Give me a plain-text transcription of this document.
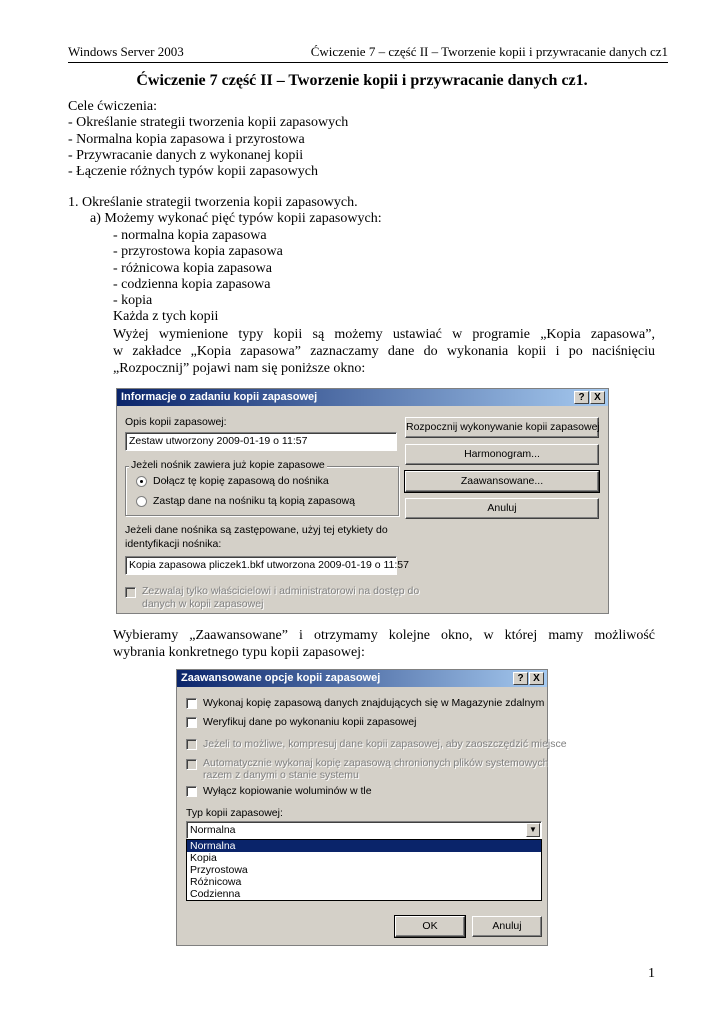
Windows Server 2003	Ćwiczenie 7 – część II – Tworzenie kopii i przywracanie danych cz1
Ćwiczenie 7 część II – Tworzenie kopii i przywracanie danych cz1.
Cele ćwiczenia:
- Określanie strategii tworzenia kopii zapasowych
- Normalna kopia zapasowa i przyrostowa
- Przywracanie danych z wykonanej kopii
- Łączenie różnych typów kopii zapasowych
1. Określanie strategii tworzenia kopii zapasowych.
a) Możemy wykonać pięć typów kopii zapasowych:
- normalna kopia zapasowa
- przyrostowa kopia zapasowa
- różnicowa kopia zapasowa
- codzienna kopia zapasowa
- kopia
Każda z tych kopii
Wyżej wymienione typy kopii są możemy ustawiać w programie „Kopia zapasowa”,
w zakładce „Kopia zapasowa” zaznaczamy dane do wykonania kopii i po naciśnięciu
„Rozpocznij” pojawi nam się poniższe okno:
Informacje o zadaniu kopii zapasowej	? X
Opis kopii zapasowej:
Zestaw utworzony 2009-01-19 o 11:57
Jeżeli nośnik zawiera już kopie zapasowe
Dołącz tę kopię zapasową do nośnika
Zastąp dane na nośniku tą kopią zapasową
Jeżeli dane nośnika są zastępowane, użyj tej etykiety do
identyfikacji nośnika:
Kopia zapasowa pliczek1.bkf utworzona 2009-01-19 o 11:57
Zezwalaj tylko właścicielowi i administratorowi na dostęp do
danych w kopii zapasowej
Rozpocznij wykonywanie kopii zapasowej
Harmonogram...
Zaawansowane...
Anuluj
Wybieramy „Zaawansowane” i otrzymamy kolejne okno, w której mamy możliwość
wybrania konkretnego typu kopii zapasowej:
Zaawansowane opcje kopii zapasowej	? X
Wykonaj kopię zapasową danych znajdujących się w Magazynie zdalnym
Weryfikuj dane po wykonaniu kopii zapasowej
Jeżeli to możliwe, kompresuj dane kopii zapasowej, aby zaoszczędzić miejsce
Automatycznie wykonaj kopię zapasową chronionych plików systemowych
razem z danymi o stanie systemu
Wyłącz kopiowanie woluminów w tle
Typ kopii zapasowej:
Normalna	▼
Normalna
Kopia
Przyrostowa
Różnicowa
Codzienna
OK	Anuluj
1
